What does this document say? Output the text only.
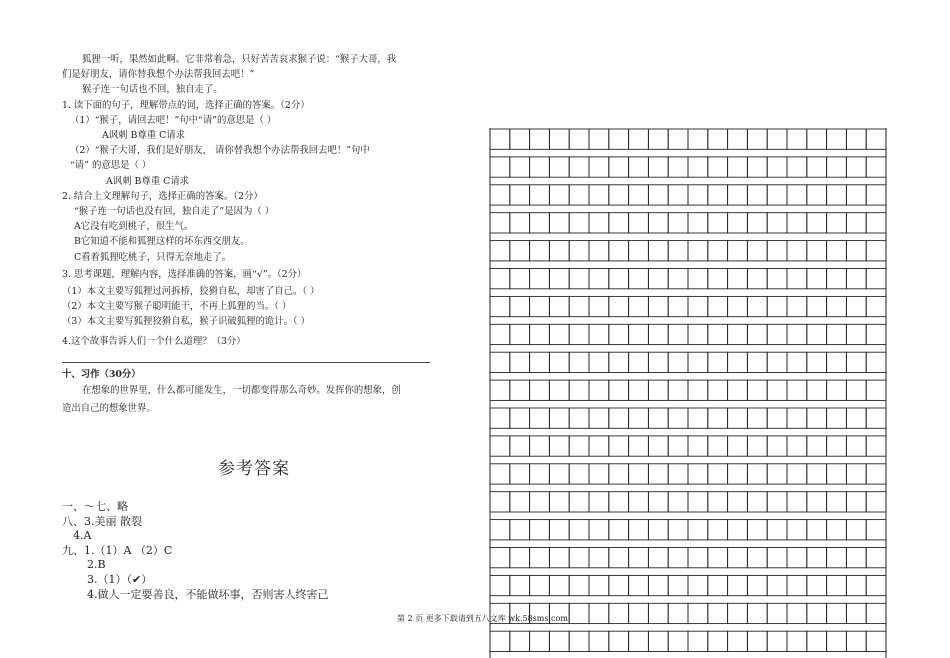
狐狸一听，果然如此啊。它非常着急，只好苦苦哀求猴子说：“猴子大哥，我
们是好朋友，请你替我想个办法帮我回去吧！”
猴子连一句话也不回，独自走了。
1. 读下面的句子，理解带点的词，选择正确的答案。（2分）
（1）“猴子，请回去吧！”句中“请”的意思是（ ）
A讽刺 B尊重 C请求
（2）“猴子大哥，我们是好朋友， 请你替我想个办法帮我回去吧！”句中
“请” 的意思是（ ）
A讽刺 B尊重 C请求
2. 结合上文理解句子，选择正确的答案。（2分）
“猴子连一句话也没有回，独自走了”是因为（ ）
A它没有吃到桃子，很生气。
B它知道不能和狐狸这样的坏东西交朋友。
C看着狐狸吃桃子，只得无奈地走了。
3. 思考课题，理解内容，选择准确的答案，画“√”。（2分）
（1）本文主要写狐狸过河拆桥，狡猾自私，却害了自己。（ ）
（2）本文主要写猴子聪明能干，不再上狐狸的当。（ ）
（3）本文主要写狐狸狡猾自私，猴子识破狐狸的诡计。（ ）
4.这个故事告诉人们一个什么道理？（3分）
十、习作（30分）
在想象的世界里，什么都可能发生，一切都变得那么奇妙。发挥你的想象，创
造出自己的想象世界。
参考答案
一、～七、略
八、3.美丽 散裂
4.A
九、1.（1）A （2）C
2.B
3.（1）（✔）
4.做人一定要善良，不能做坏事，否则害人终害己
第 2 页 更多下载请到五八文库 wk.58sms.com
